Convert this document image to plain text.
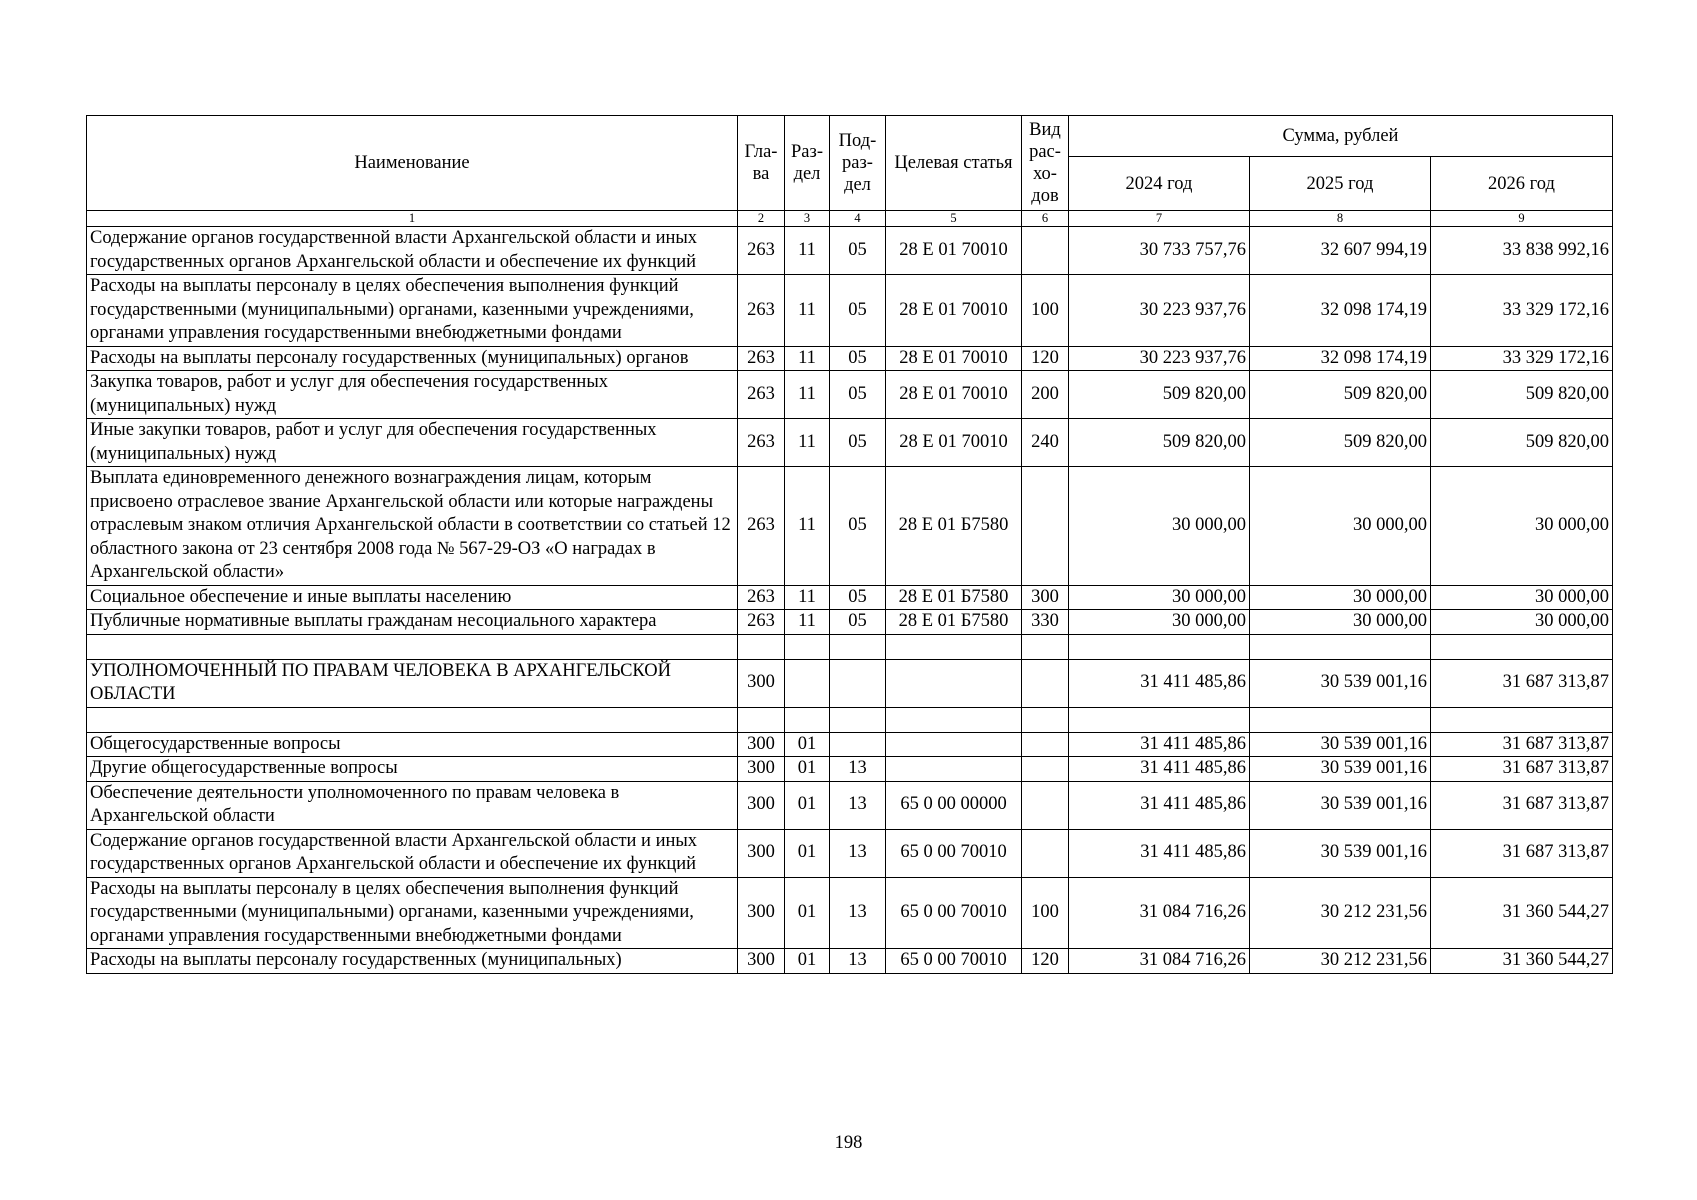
Наименование	Гла-ва	Раз-дел	Под-раз-дел	Целевая статья	Вид рас-хо-дов	Сумма, рублей		
						2024 год	2025 год	2026 год
1	2	3	4	5	6	7	8	9
Содержание органов государственной власти Архангельской области и иных государственных органов Архангельской области и обеспечение их функций	263	11	05	28 Е 01 70010		30 733 757,76	32 607 994,19	33 838 992,16
Расходы на выплаты персоналу в целях обеспечения выполнения функций государственными (муниципальными) органами, казенными учреждениями, органами управления государственными внебюджетными фондами	263	11	05	28 Е 01 70010	100	30 223 937,76	32 098 174,19	33 329 172,16
Расходы на выплаты персоналу государственных (муниципальных) органов	263	11	05	28 Е 01 70010	120	30 223 937,76	32 098 174,19	33 329 172,16
Закупка товаров, работ и услуг для обеспечения государственных (муниципальных) нужд	263	11	05	28 Е 01 70010	200	509 820,00	509 820,00	509 820,00
Иные закупки товаров, работ и услуг для обеспечения государственных (муниципальных) нужд	263	11	05	28 Е 01 70010	240	509 820,00	509 820,00	509 820,00
Выплата единовременного денежного вознаграждения лицам, которым присвоено отраслевое звание Архангельской области или которые награждены отраслевым знаком отличия Архангельской области в соответствии со статьей 12 областного закона от 23 сентября 2008 года № 567-29-ОЗ «О наградах в Архангельской области»	263	11	05	28 Е 01 Б7580		30 000,00	30 000,00	30 000,00
Социальное обеспечение и иные выплаты населению	263	11	05	28 Е 01 Б7580	300	30 000,00	30 000,00	30 000,00
Публичные нормативные выплаты гражданам несоциального характера	263	11	05	28 Е 01 Б7580	330	30 000,00	30 000,00	30 000,00

УПОЛНОМОЧЕННЫЙ ПО ПРАВАМ ЧЕЛОВЕКА В АРХАНГЕЛЬСКОЙ ОБЛАСТИ	300					31 411 485,86	30 539 001,16	31 687 313,87

Общегосударственные вопросы	300	01				31 411 485,86	30 539 001,16	31 687 313,87
Другие общегосударственные вопросы	300	01	13			31 411 485,86	30 539 001,16	31 687 313,87
Обеспечение деятельности уполномоченного по правам человека в Архангельской области	300	01	13	65 0 00 00000		31 411 485,86	30 539 001,16	31 687 313,87
Содержание органов государственной власти Архангельской области и иных государственных органов Архангельской области и обеспечение их функций	300	01	13	65 0 00 70010		31 411 485,86	30 539 001,16	31 687 313,87
Расходы на выплаты персоналу в целях обеспечения выполнения функций государственными (муниципальными) органами, казенными учреждениями, органами управления государственными внебюджетными фондами	300	01	13	65 0 00 70010	100	31 084 716,26	30 212 231,56	31 360 544,27
Расходы на выплаты персоналу государственных (муниципальных)	300	01	13	65 0 00 70010	120	31 084 716,26	30 212 231,56	31 360 544,27
198
